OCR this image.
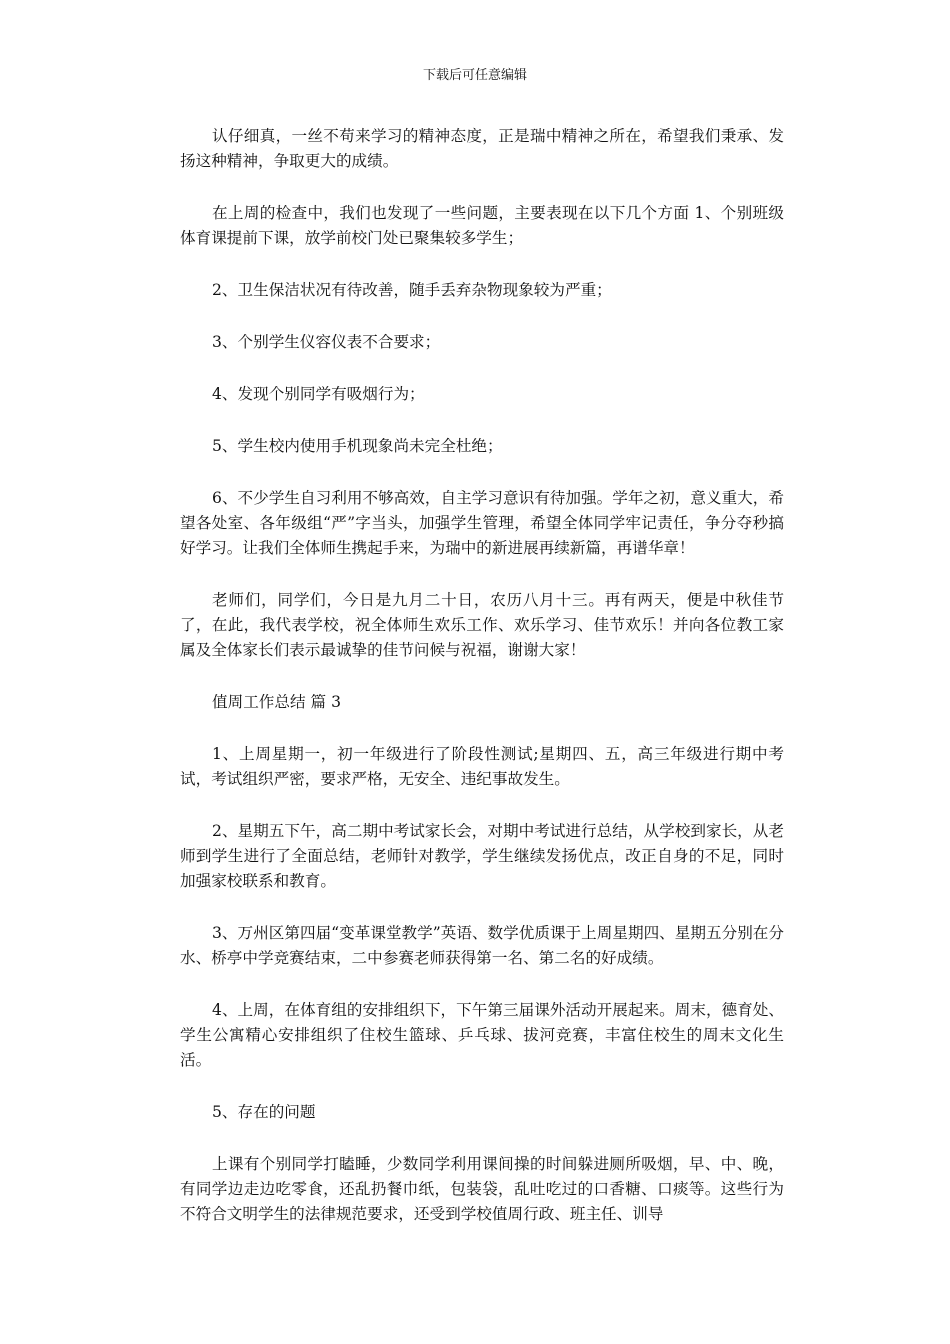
下载后可任意编辑

认仔细真，一丝不苟来学习的精神态度，正是瑞中精神之所在，希望我们秉承、发扬这种精神，争取更大的成绩。

在上周的检查中，我们也发现了一些问题，主要表现在以下几个方面 1、个别班级体育课提前下课，放学前校门处已聚集较多学生；

2、卫生保洁状况有待改善，随手丢弃杂物现象较为严重；

3、个别学生仪容仪表不合要求；

4、发现个别同学有吸烟行为；

5、学生校内使用手机现象尚未完全杜绝；

6、不少学生自习利用不够高效，自主学习意识有待加强。学年之初，意义重大，希望各处室、各年级组“严”字当头，加强学生管理，希望全体同学牢记责任，争分夺秒搞好学习。让我们全体师生携起手来，为瑞中的新进展再续新篇，再谱华章！

老师们，同学们，今日是九月二十日，农历八月十三。再有两天，便是中秋佳节了，在此，我代表学校，祝全体师生欢乐工作、欢乐学习、佳节欢乐！并向各位教工家属及全体家长们表示最诚挚的佳节问候与祝福，谢谢大家！

值周工作总结 篇 3

1、上周星期一，初一年级进行了阶段性测试;星期四、五，高三年级进行期中考试，考试组织严密，要求严格，无安全、违纪事故发生。

2、星期五下午，高二期中考试家长会，对期中考试进行总结，从学校到家长，从老师到学生进行了全面总结，老师针对教学，学生继续发扬优点，改正自身的不足，同时加强家校联系和教育。

3、万州区第四届“变革课堂教学”英语、数学优质课于上周星期四、星期五分别在分水、桥亭中学竞赛结束，二中参赛老师获得第一名、第二名的好成绩。

4、上周，在体育组的安排组织下，下午第三届课外活动开展起来。周末，德育处、学生公寓精心安排组织了住校生篮球、乒乓球、拔河竞赛，丰富住校生的周末文化生活。

5、存在的问题

上课有个别同学打瞌睡，少数同学利用课间操的时间躲进厕所吸烟，早、中、晚，有同学边走边吃零食，还乱扔餐巾纸，包装袋，乱吐吃过的口香糖、口痰等。这些行为不符合文明学生的法律规范要求，还受到学校值周行政、班主任、训导
